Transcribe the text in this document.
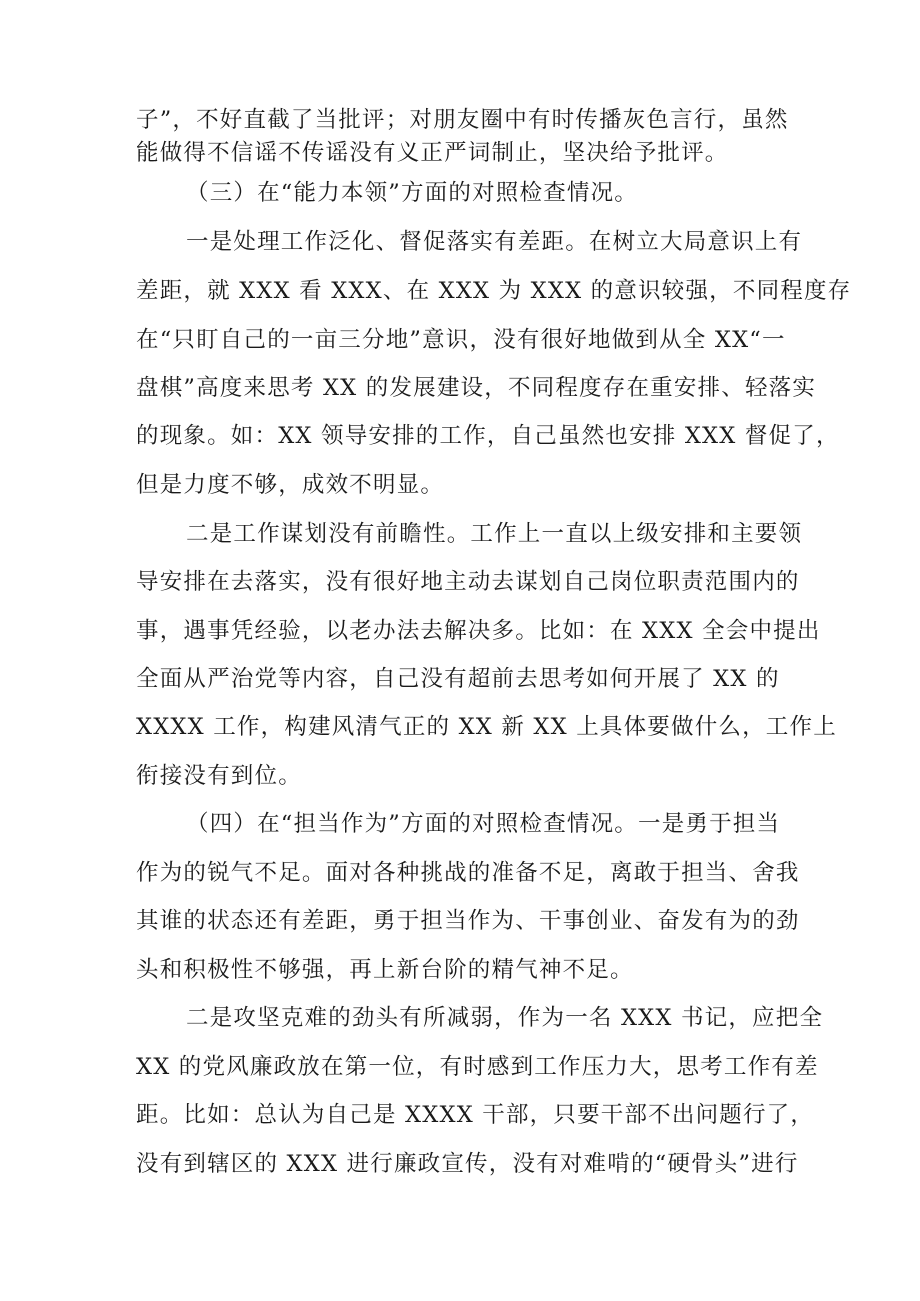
子”，不好直截了当批评；对朋友圈中有时传播灰色言行，虽然
能做得不信谣不传谣没有义正严词制止，坚决给予批评。
（三）在“能力本领”方面的对照检查情况。
一是处理工作泛化、督促落实有差距。在树立大局意识上有
差距，就 XXX 看 XXX、在 XXX 为 XXX 的意识较强，不同程度存
在“只盯自己的一亩三分地”意识，没有很好地做到从全 XX“一
盘棋”高度来思考 XX 的发展建设，不同程度存在重安排、轻落实
的现象。如：XX 领导安排的工作，自己虽然也安排 XXX 督促了，
但是力度不够，成效不明显。
二是工作谋划没有前瞻性。工作上一直以上级安排和主要领
导安排在去落实，没有很好地主动去谋划自己岗位职责范围内的
事，遇事凭经验，以老办法去解决多。比如：在 XXX 全会中提出
全面从严治党等内容，自己没有超前去思考如何开展了 XX 的
XXXX 工作，构建风清气正的 XX 新 XX 上具体要做什么，工作上
衔接没有到位。
（四）在“担当作为”方面的对照检查情况。一是勇于担当
作为的锐气不足。面对各种挑战的准备不足，离敢于担当、舍我
其谁的状态还有差距，勇于担当作为、干事创业、奋发有为的劲
头和积极性不够强，再上新台阶的精气神不足。
二是攻坚克难的劲头有所减弱，作为一名 XXX 书记，应把全
XX 的党风廉政放在第一位，有时感到工作压力大，思考工作有差
距。比如：总认为自己是 XXXX 干部，只要干部不出问题行了，
没有到辖区的 XXX 进行廉政宣传，没有对难啃的“硬骨头”进行
